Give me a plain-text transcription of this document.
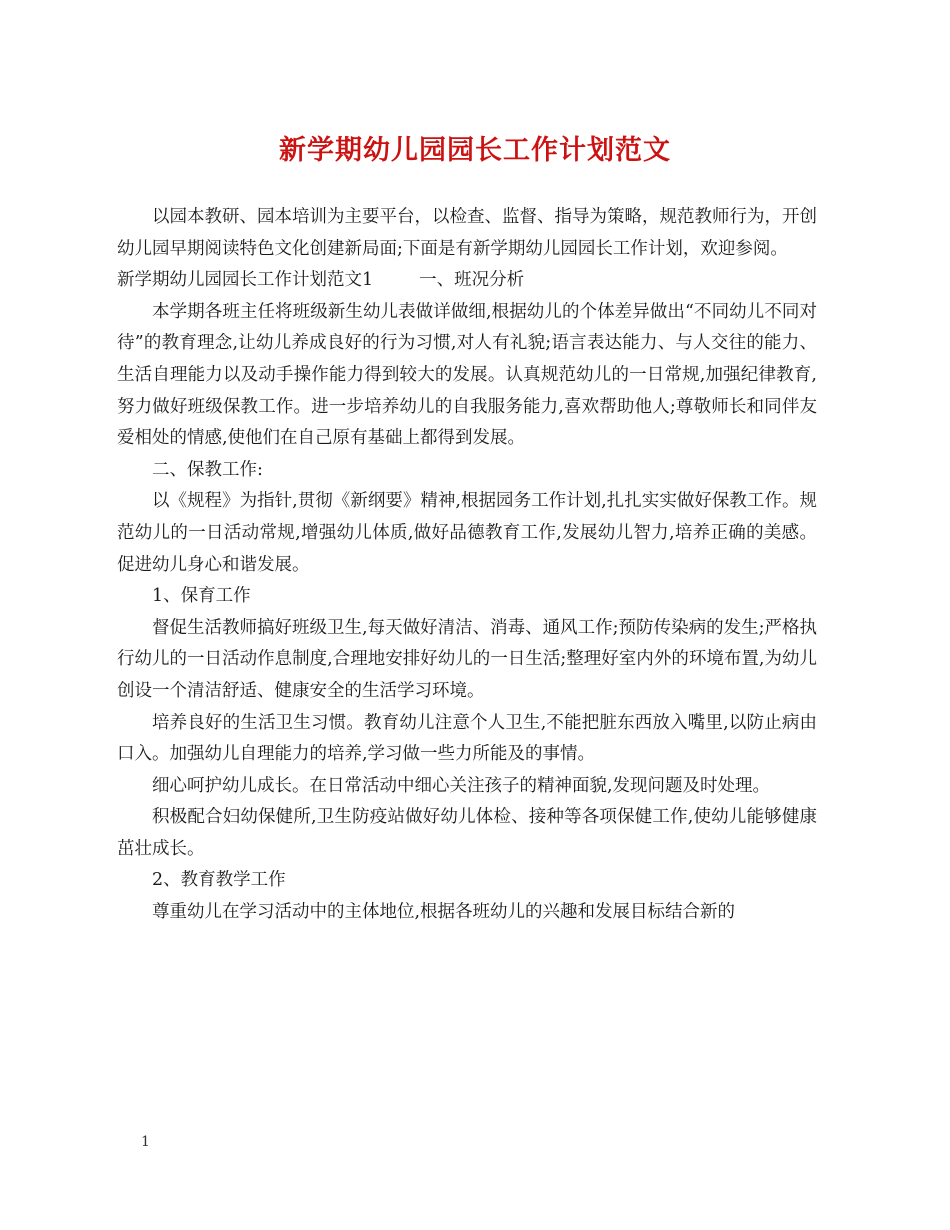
新学期幼儿园园长工作计划范文

以园本教研、园本培训为主要平台，以检查、监督、指导为策略，规范教师行为，开创幼儿园早期阅读特色文化创建新局面;下面是有新学期幼儿园园长工作计划，欢迎参阅。

新学期幼儿园园长工作计划范文1	一、班况分析

本学期各班主任将班级新生幼儿表做详做细,根据幼儿的个体差异做出“不同幼儿不同对待”的教育理念,让幼儿养成良好的行为习惯,对人有礼貌;语言表达能力、与人交往的能力、生活自理能力以及动手操作能力得到较大的发展。认真规范幼儿的一日常规,加强纪律教育,努力做好班级保教工作。进一步培养幼儿的自我服务能力,喜欢帮助他人;尊敬师长和同伴友爱相处的情感,使他们在自己原有基础上都得到发展。

二、保教工作:

以《规程》为指针,贯彻《新纲要》精神,根据园务工作计划,扎扎实实做好保教工作。规范幼儿的一日活动常规,增强幼儿体质,做好品德教育工作,发展幼儿智力,培养正确的美感。促进幼儿身心和谐发展。

1、保育工作

督促生活教师搞好班级卫生,每天做好清洁、消毒、通风工作;预防传染病的发生;严格执行幼儿的一日活动作息制度,合理地安排好幼儿的一日生活;整理好室内外的环境布置,为幼儿创设一个清洁舒适、健康安全的生活学习环境。

培养良好的生活卫生习惯。教育幼儿注意个人卫生,不能把脏东西放入嘴里,以防止病由口入。加强幼儿自理能力的培养,学习做一些力所能及的事情。

细心呵护幼儿成长。在日常活动中细心关注孩子的精神面貌,发现问题及时处理。

积极配合妇幼保健所,卫生防疫站做好幼儿体检、接种等各项保健工作,使幼儿能够健康茁壮成长。

2、教育教学工作

尊重幼儿在学习活动中的主体地位,根据各班幼儿的兴趣和发展目标结合新的

1
